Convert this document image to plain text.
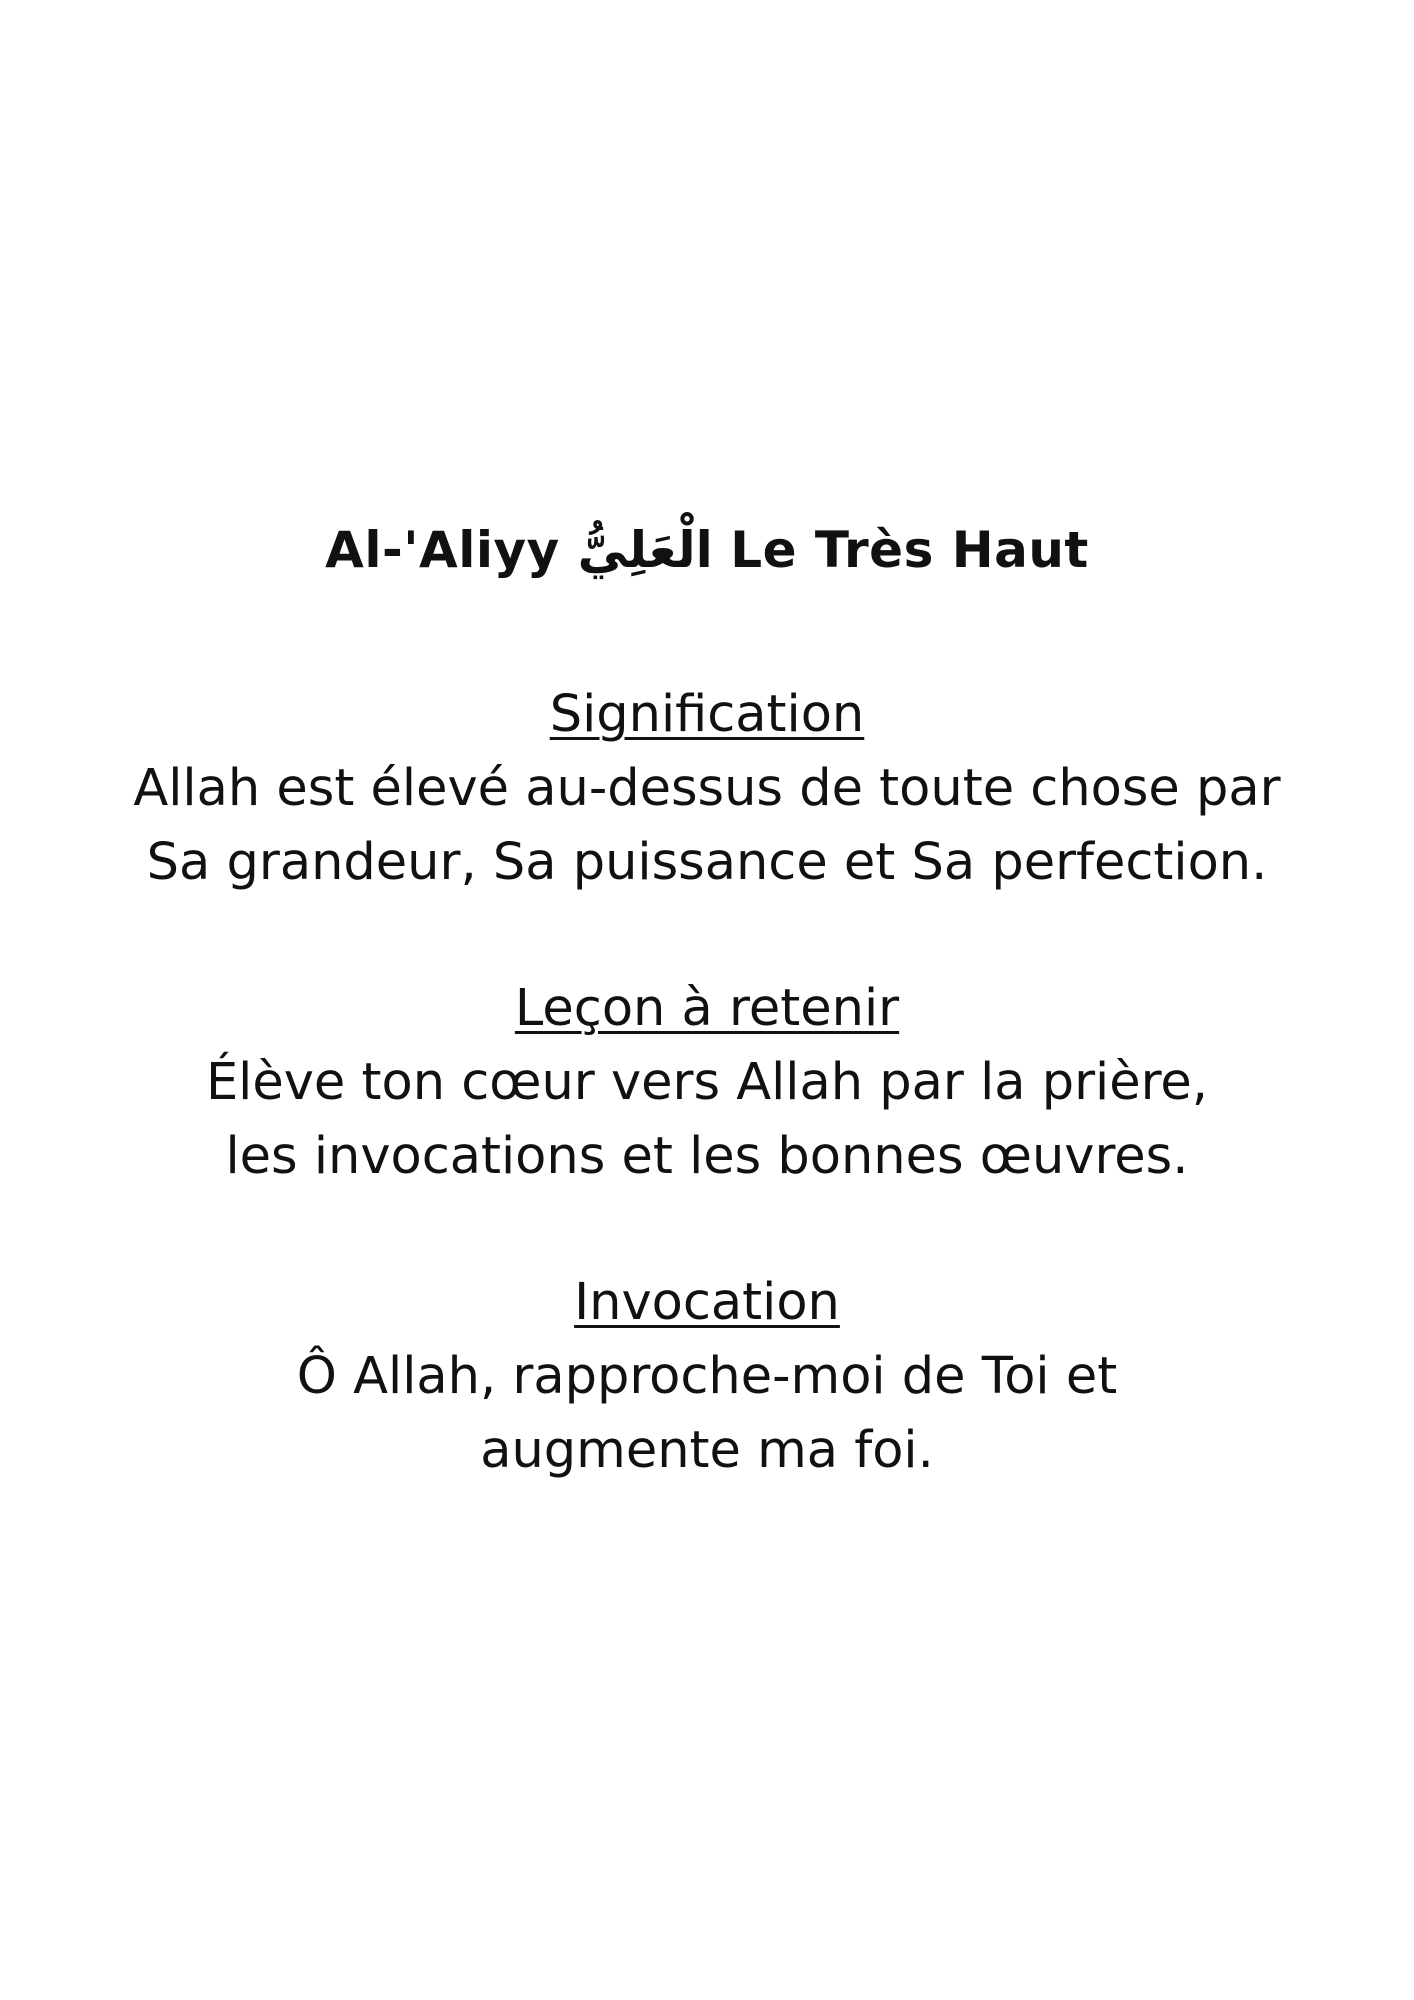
Al-'Aliyy الْعَلِيُّ Le Très Haut
Signification

Allah est élevé au-dessus de toute chose par

Sa grandeur, Sa puissance et Sa perfection.

Leçon à retenir

Élève ton cœur vers Allah par la prière,

les invocations et les bonnes œuvres.

Invocation

Ô Allah, rapproche-moi de Toi et

augmente ma foi.
